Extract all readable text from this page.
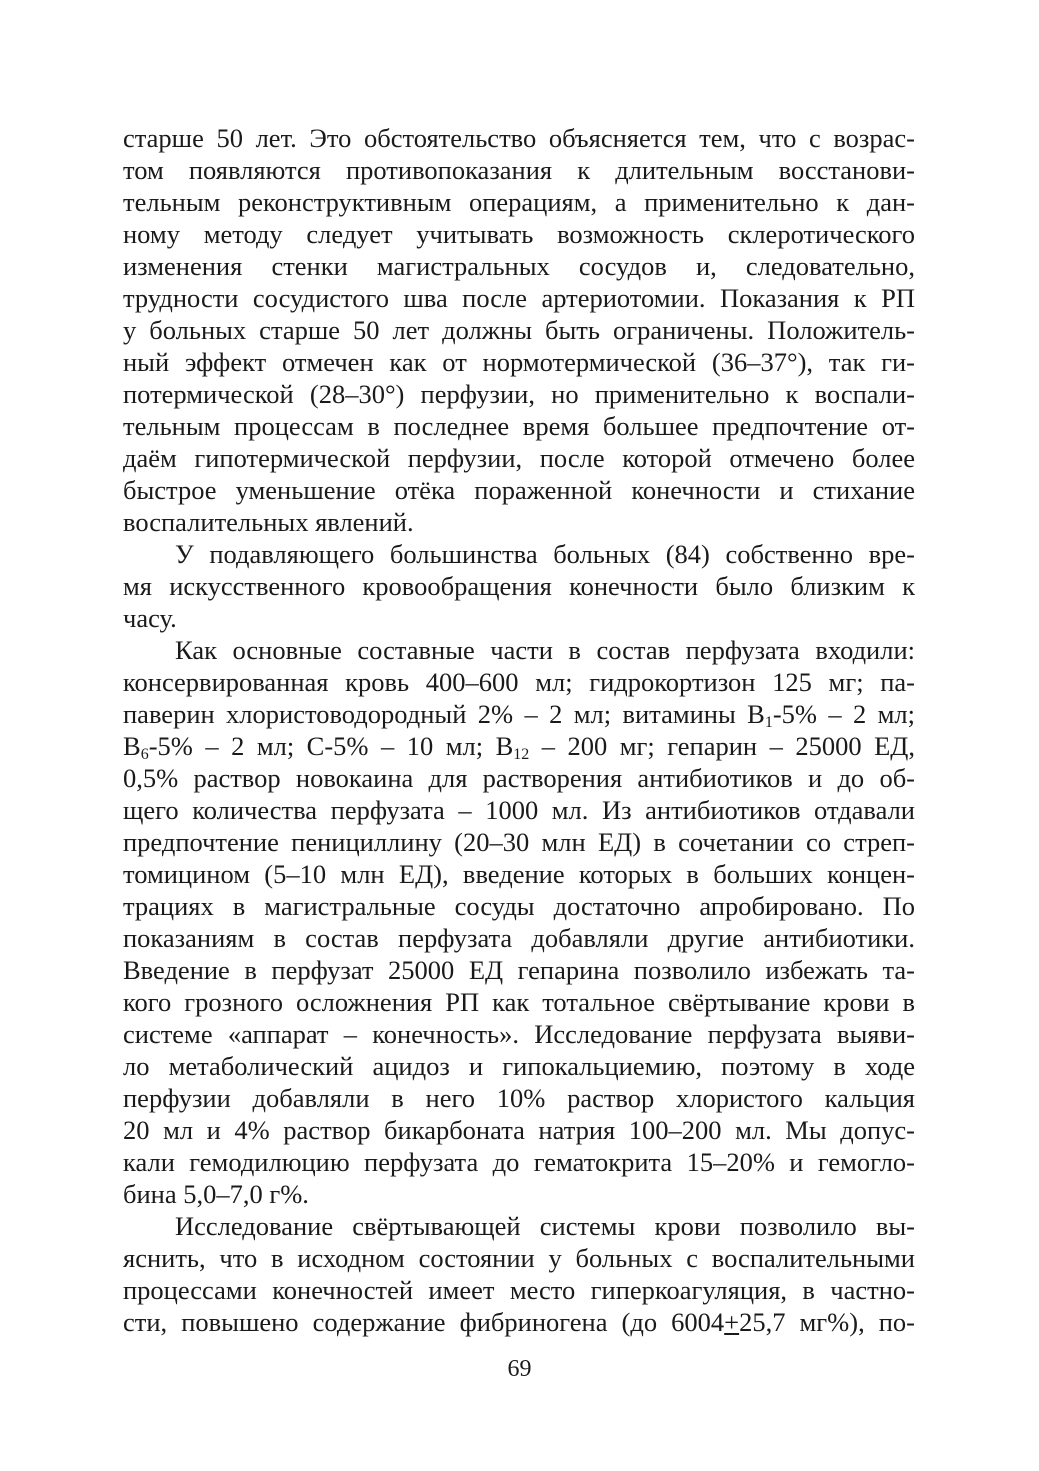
старше 50 лет. Это обстоятельство объясняется тем, что с возрас-
том появляются противопоказания к длительным восстанови-
тельным реконструктивным операциям, а применительно к дан-
ному методу следует учитывать возможность склеротического
изменения стенки магистральных сосудов и, следовательно,
трудности сосудистого шва после артериотомии. Показания к РП
у больных старше 50 лет должны быть ограничены. Положитель-
ный эффект отмечен как от нормотермической (36–37°), так ги-
потермической (28–30°) перфузии, но применительно к воспали-
тельным процессам в последнее время большее предпочтение от-
даём гипотермической перфузии, после которой отмечено более
быстрое уменьшение отёка пораженной конечности и стихание
воспалительных явлений.
У подавляющего большинства больных (84) собственно вре-
мя искусственного кровообращения конечности было близким к
часу.
Как основные составные части в состав перфузата входили:
консервированная кровь 400–600 мл; гидрокортизон 125 мг; па-
паверин хлористоводородный 2% – 2 мл; витамины $В_1-5\% - 2$ мл;
$В_6-5\% - 2$ мл; С-5% – 10 мл; $В_{12} - 200$ мг; гепарин – 25000 ЕД,
0,5% раствор новокаина для растворения антибиотиков и до об-
щего количества перфузата – 1000 мл. Из антибиотиков отдавали
предпочтение пенициллину (20–30 млн ЕД) в сочетании со стреп-
томицином (5–10 млн ЕД), введение которых в больших концен-
трациях в магистральные сосуды достаточно апробировано. По
показаниям в состав перфузата добавляли другие антибиотики.
Введение в перфузат 25000 ЕД гепарина позволило избежать та-
кого грозного осложнения РП как тотальное свёртывание крови в
системе «аппарат – конечность». Исследование перфузата выяви-
ло метаболический ацидоз и гипокальциемию, поэтому в ходе
перфузии добавляли в него 10% раствор хлористого кальция
20 мл и 4% раствор бикарбоната натрия 100–200 мл. Мы допус-
кали гемодилюцию перфузата до гематокрита 15–20% и гемогло-
бина 5,0–7,0 г%.
Исследование свёртывающей системы крови позволило вы-
яснить, что в исходном состоянии у больных с воспалительными
процессами конечностей имеет место гиперкоагуляция, в частно-
сти, повышено содержание фибриногена (до 6004+25,7 мг%), по-
69
